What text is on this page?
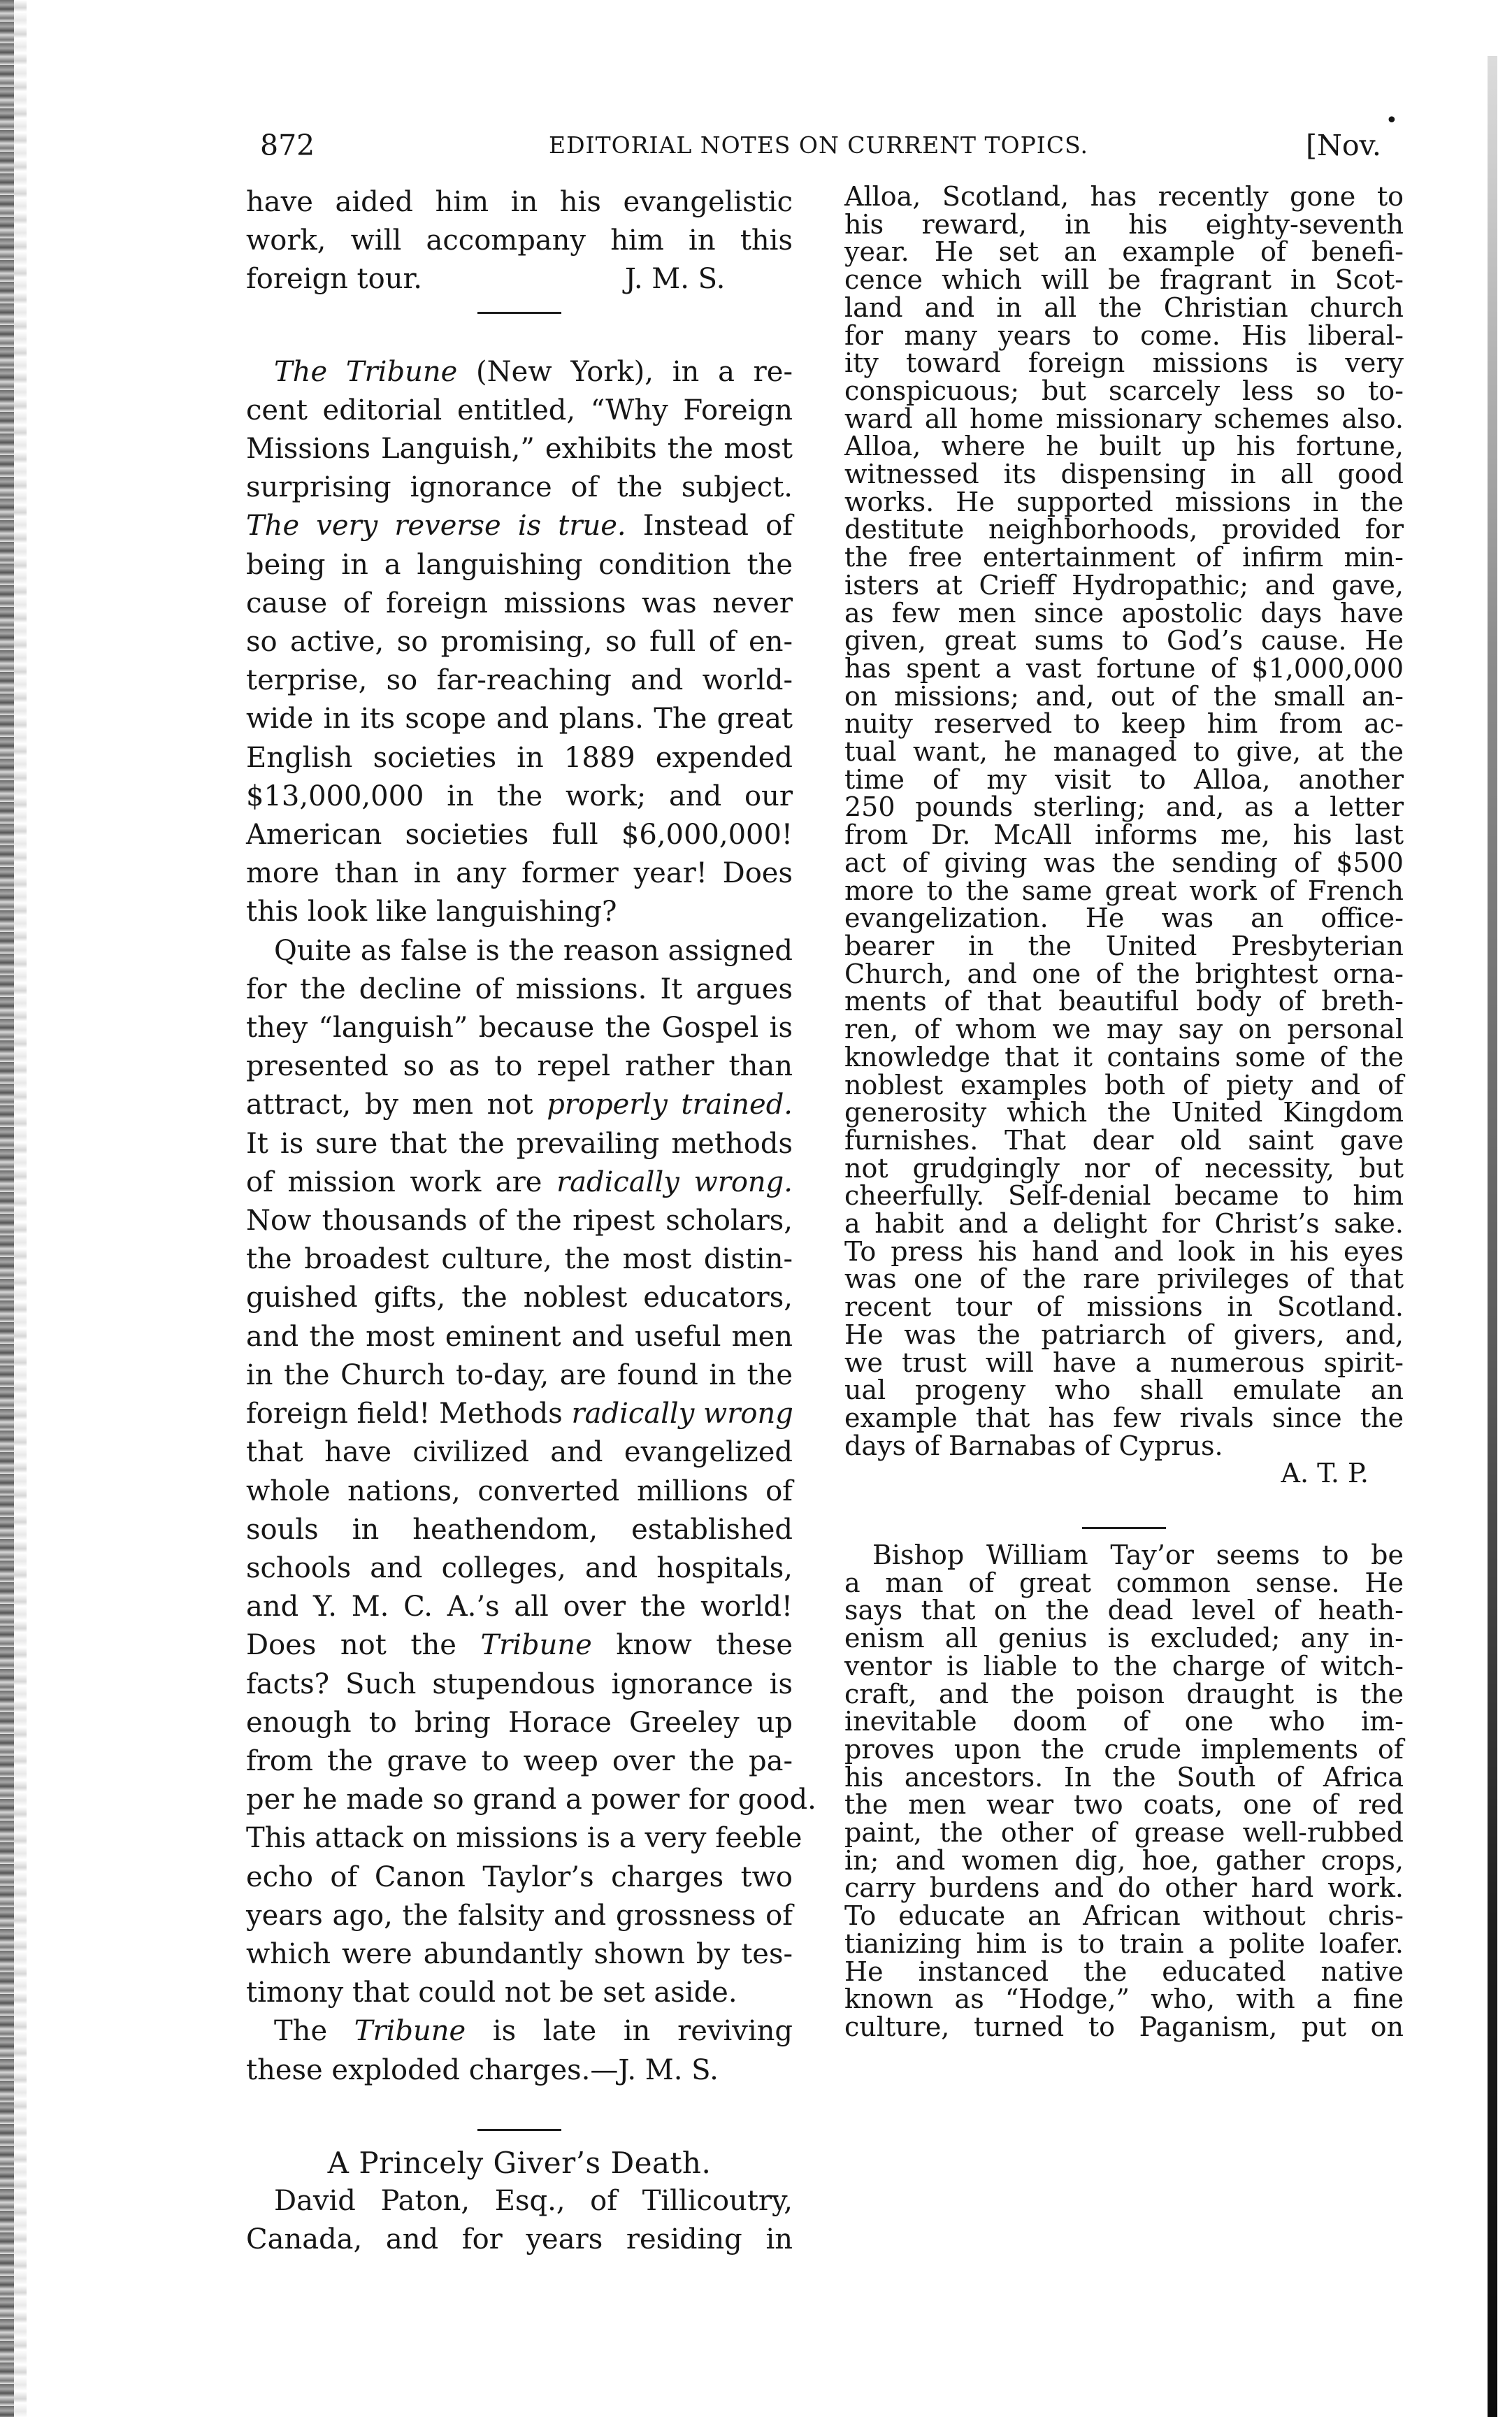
•
872	EDITORIAL NOTES ON CURRENT TOPICS.	[Nov.
have aided him in his evangelistic
work, will accompany him in this
foreign tour.	J. M. S.
The Tribune (New York), in a re-
cent editorial entitled, “Why Foreign
Missions Languish,” exhibits the most
surprising ignorance of the subject.
The very reverse is true. Instead of
being in a languishing condition the
cause of foreign missions was never
so active, so promising, so full of en-
terprise, so far-reaching and world-
wide in its scope and plans. The great
English societies in 1889 expended
$13,000,000 in the work; and our
American societies full $6,000,000!
more than in any former year! Does
this look like languishing?
Quite as false is the reason assigned
for the decline of missions. It argues
they “languish” because the Gospel is
presented so as to repel rather than
attract, by men not properly trained.
It is sure that the prevailing methods
of mission work are radically wrong.
Now thousands of the ripest scholars,
the broadest culture, the most distin-
guished gifts, the noblest educators,
and the most eminent and useful men
in the Church to-day, are found in the
foreign field! Methods radically wrong
that have civilized and evangelized
whole nations, converted millions of
souls in heathendom, established
schools and colleges, and hospitals,
and Y. M. C. A.’s all over the world!
Does not the Tribune know these
facts? Such stupendous ignorance is
enough to bring Horace Greeley up
from the grave to weep over the pa-
per he made so grand a power for good.
This attack on missions is a very feeble
echo of Canon Taylor’s charges two
years ago, the falsity and grossness of
which were abundantly shown by tes-
timony that could not be set aside.
The Tribune is late in reviving
these exploded charges.—J. M. S.
A Princely Giver’s Death.
David Paton, Esq., of Tillicoutry,
Canada, and for years residing in
Alloa, Scotland, has recently gone to
his reward, in his eighty-seventh
year. He set an example of benefi-
cence which will be fragrant in Scot-
land and in all the Christian church
for many years to come. His liberal-
ity toward foreign missions is very
conspicuous; but scarcely less so to-
ward all home missionary schemes also.
Alloa, where he built up his fortune,
witnessed its dispensing in all good
works. He supported missions in the
destitute neighborhoods, provided for
the free entertainment of infirm min-
isters at Crieff Hydropathic; and gave,
as few men since apostolic days have
given, great sums to God’s cause. He
has spent a vast fortune of $1,000,000
on missions; and, out of the small an-
nuity reserved to keep him from ac-
tual want, he managed to give, at the
time of my visit to Alloa, another
250 pounds sterling; and, as a letter
from Dr. McAll informs me, his last
act of giving was the sending of $500
more to the same great work of French
evangelization. He was an office-
bearer in the United Presbyterian
Church, and one of the brightest orna-
ments of that beautiful body of breth-
ren, of whom we may say on personal
knowledge that it contains some of the
noblest examples both of piety and of
generosity which the United Kingdom
furnishes. That dear old saint gave
not grudgingly nor of necessity, but
cheerfully. Self-denial became to him
a habit and a delight for Christ’s sake.
To press his hand and look in his eyes
was one of the rare privileges of that
recent tour of missions in Scotland.
He was the patriarch of givers, and,
we trust will have a numerous spirit-
ual progeny who shall emulate an
example that has few rivals since the
days of Barnabas of Cyprus.
A. T. P.
Bishop William Tay’or seems to be
a man of great common sense. He
says that on the dead level of heath-
enism all genius is excluded; any in-
ventor is liable to the charge of witch-
craft, and the poison draught is the
inevitable doom of one who im-
proves upon the crude implements of
his ancestors. In the South of Africa
the men wear two coats, one of red
paint, the other of grease well-rubbed
in; and women dig, hoe, gather crops,
carry burdens and do other hard work.
To educate an African without chris-
tianizing him is to train a polite loafer.
He instanced the educated native
known as “Hodge,” who, with a fine
culture, turned to Paganism, put on
